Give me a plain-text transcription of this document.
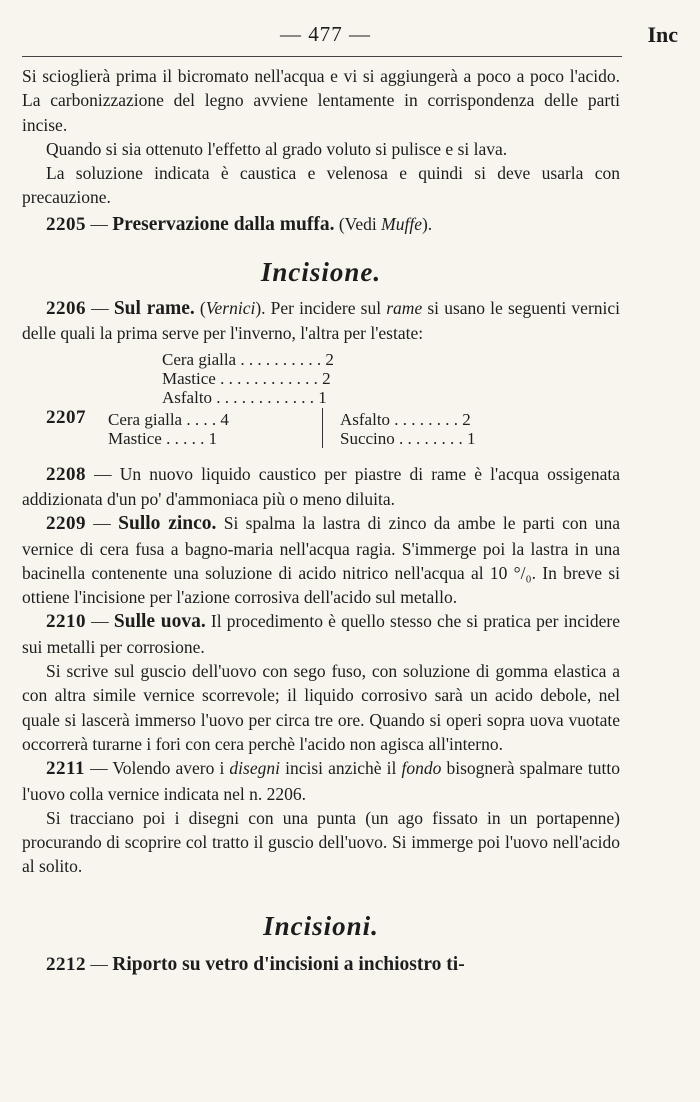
— 477 —	Inc

Si scioglierà prima il bicromato nell'acqua e vi si aggiungerà a poco a poco l'acido. La carbonizzazione del legno avviene lentamente in corrispondenza delle parti incise.

Quando si sia ottenuto l'effetto al grado voluto si pulisce e si lava.

La soluzione indicata è caustica e velenosa e quindi si deve usarla con precauzione.

2205 — Preservazione dalla muffa. (Vedi Muffe).

Incisione.

2206 — Sul rame. (Vernici). Per incidere sul rame si usano le seguenti vernici delle quali la prima serve per l'inverno, l'altra per l'estate:

Cera gialla . . . . . . . . . . 2
Mastice . . . . . . . . . . . . 2
Asfalto . . . . . . . . . . . . 1
2207 Cera gialla . . . . 4
Mastice . . . . . 1
Asfalto . . . . . . . . 2
Succino . . . . . . . . 1

2208 — Un nuovo liquido caustico per piastre di rame è l'acqua ossigenata addizionata d'un po' d'ammoniaca più o meno diluita.

2209 — Sullo zinco. Si spalma la lastra di zinco da ambe le parti con una vernice di cera fusa a bagno-maria nell'acqua ragia. S'immerge poi la lastra in una bacinella contenente una soluzione di acido nitrico nell'acqua al 10 °/₀. In breve si ottiene l'incisione per l'azione corrosiva dell'acido sul metallo.

2210 — Sulle uova. Il procedimento è quello stesso che si pratica per incidere sui metalli per corrosione.

Si scrive sul guscio dell'uovo con sego fuso, con soluzione di gomma elastica a con altra simile vernice scorrevole; il liquido corrosivo sarà un acido debole, nel quale si lascerà immerso l'uovo per circa tre ore. Quando si operi sopra uova vuotate occorrerà turarne i fori con cera perchè l'acido non agisca all'interno.

2211 — Volendo avero i disegni incisi anzichè il fondo bisognerà spalmare tutto l'uovo colla vernice indicata nel n. 2206.

Si tracciano poi i disegni con una punta (un ago fissato in un portapenne) procurando di scoprire col tratto il guscio dell'uovo. Si immerge poi l'uovo nell'acido al solito.

Incisioni.

2212 — Riporto su vetro d'incisioni a inchiostro ti-
